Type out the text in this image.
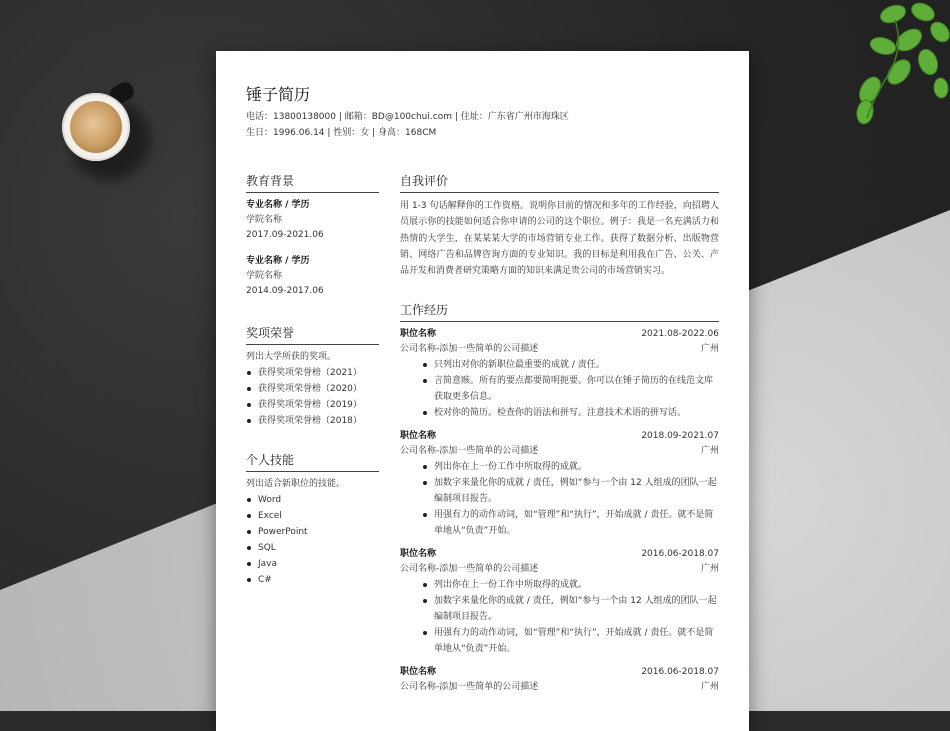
锤子简历
电话：13800138000 | 邮箱：BD@100chui.com | 住址：广东省广州市海珠区
生日：1996.06.14 | 性别：女 | 身高：168CM
教育背景
专业名称 / 学历
学院名称
2017.09-2021.06
专业名称 / 学历
学院名称
2014.09-2017.06
奖项荣誉
列出大学所获的奖项。
获得奖项荣誉榜（2021）
获得奖项荣誉榜（2020）
获得奖项荣誉榜（2019）
获得奖项荣誉榜（2018）
个人技能
列出适合新职位的技能。
Word
Excel
PowerPoint
SQL
Java
C#
自我评价
用 1-3 句话解释你的工作资格。说明你目前的情况和多年的工作经验，向招聘人员展示你的技能如何适合你申请的公司的这个职位。例子：我是一名充满活力和热情的大学生，在某某某大学的市场营销专业工作。获得了数据分析、出版物营销、网络广告和品牌咨询方面的专业知识。我的目标是利用我在广告、公关、产品开发和消费者研究策略方面的知识来满足贵公司的市场营销实习。
工作经历
职位名称	2021.08-2022.06
公司名称-添加一些简单的公司描述	广州
只列出对你的新职位最重要的成就 / 责任。
言简意赅。所有的要点都要简明扼要。你可以在锤子简历的在线范文库获取更多信息。
校对你的简历。检查你的语法和拼写。注意技术术语的拼写话。
职位名称	2018.09-2021.07
公司名称-添加一些简单的公司描述	广州
列出你在上一份工作中所取得的成就。
加数字来量化你的成就 / 责任，例如“参与一个由 12 人组成的团队一起编制项目报告。
用强有力的动作动词，如“管理”和“执行”，开始成就 / 责任。就不是简单地从“负责”开始。
职位名称	2016.06-2018.07
公司名称-添加一些简单的公司描述	广州
列出你在上一份工作中所取得的成就。
加数字来量化你的成就 / 责任，例如“参与一个由 12 人组成的团队一起编制项目报告。
用强有力的动作动词，如“管理”和“执行”，开始成就 / 责任。就不是简单地从“负责”开始。
职位名称	2016.06-2018.07
公司名称-添加一些简单的公司描述	广州
